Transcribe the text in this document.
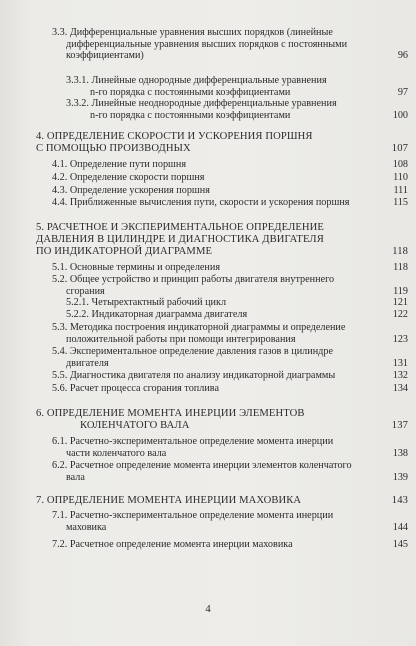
3.3. Дифференциальные уравнения высших порядков (линейные
дифференциальные уравнения высших порядков с постоянными
коэффициентами)	96
3.3.1. Линейные однородные дифференциальные уравнения
n-го порядка с постоянными коэффициентами	97
3.3.2. Линейные неоднородные дифференциальные уравнения
n-го порядка с постоянными коэффициентами	100
4. ОПРЕДЕЛЕНИЕ СКОРОСТИ И УСКОРЕНИЯ ПОРШНЯ
С ПОМОЩЬЮ ПРОИЗВОДНЫХ	107
4.1. Определение пути поршня	108
4.2. Определение скорости поршня	110
4.3. Определение ускорения поршня	111
4.4. Приближенные вычисления пути, скорости и ускорения поршня	115
5. РАСЧЕТНОЕ И ЭКСПЕРИМЕНТАЛЬНОЕ ОПРЕДЕЛЕНИЕ
ДАВЛЕНИЯ В ЦИЛИНДРЕ И ДИАГНОСТИКА ДВИГАТЕЛЯ
ПО ИНДИКАТОРНОЙ ДИАГРАММЕ	118
5.1. Основные термины и определения	118
5.2. Общее устройство и принцип работы двигателя внутреннего
сгорания	119
5.2.1. Четырехтактный рабочий цикл	121
5.2.2. Индикаторная диаграмма двигателя	122
5.3. Методика построения индикаторной диаграммы и определение
положительной работы при помощи интегрирования	123
5.4. Экспериментальное определение давления газов в цилиндре
двигателя	131
5.5. Диагностика двигателя по анализу индикаторной диаграммы	132
5.6. Расчет процесса сгорания топлива	134
6. ОПРЕДЕЛЕНИЕ МОМЕНТА ИНЕРЦИИ ЭЛЕМЕНТОВ
КОЛЕНЧАТОГО ВАЛА	137
6.1. Расчетно-экспериментальное определение момента инерции
части коленчатого вала	138
6.2. Расчетное определение момента инерции элементов коленчатого
вала	139
7. ОПРЕДЕЛЕНИЕ МОМЕНТА ИНЕРЦИИ МАХОВИКА	143
7.1. Расчетно-экспериментальное определение момента инерции
маховика	144
7.2. Расчетное определение момента инерции маховика	145
4
